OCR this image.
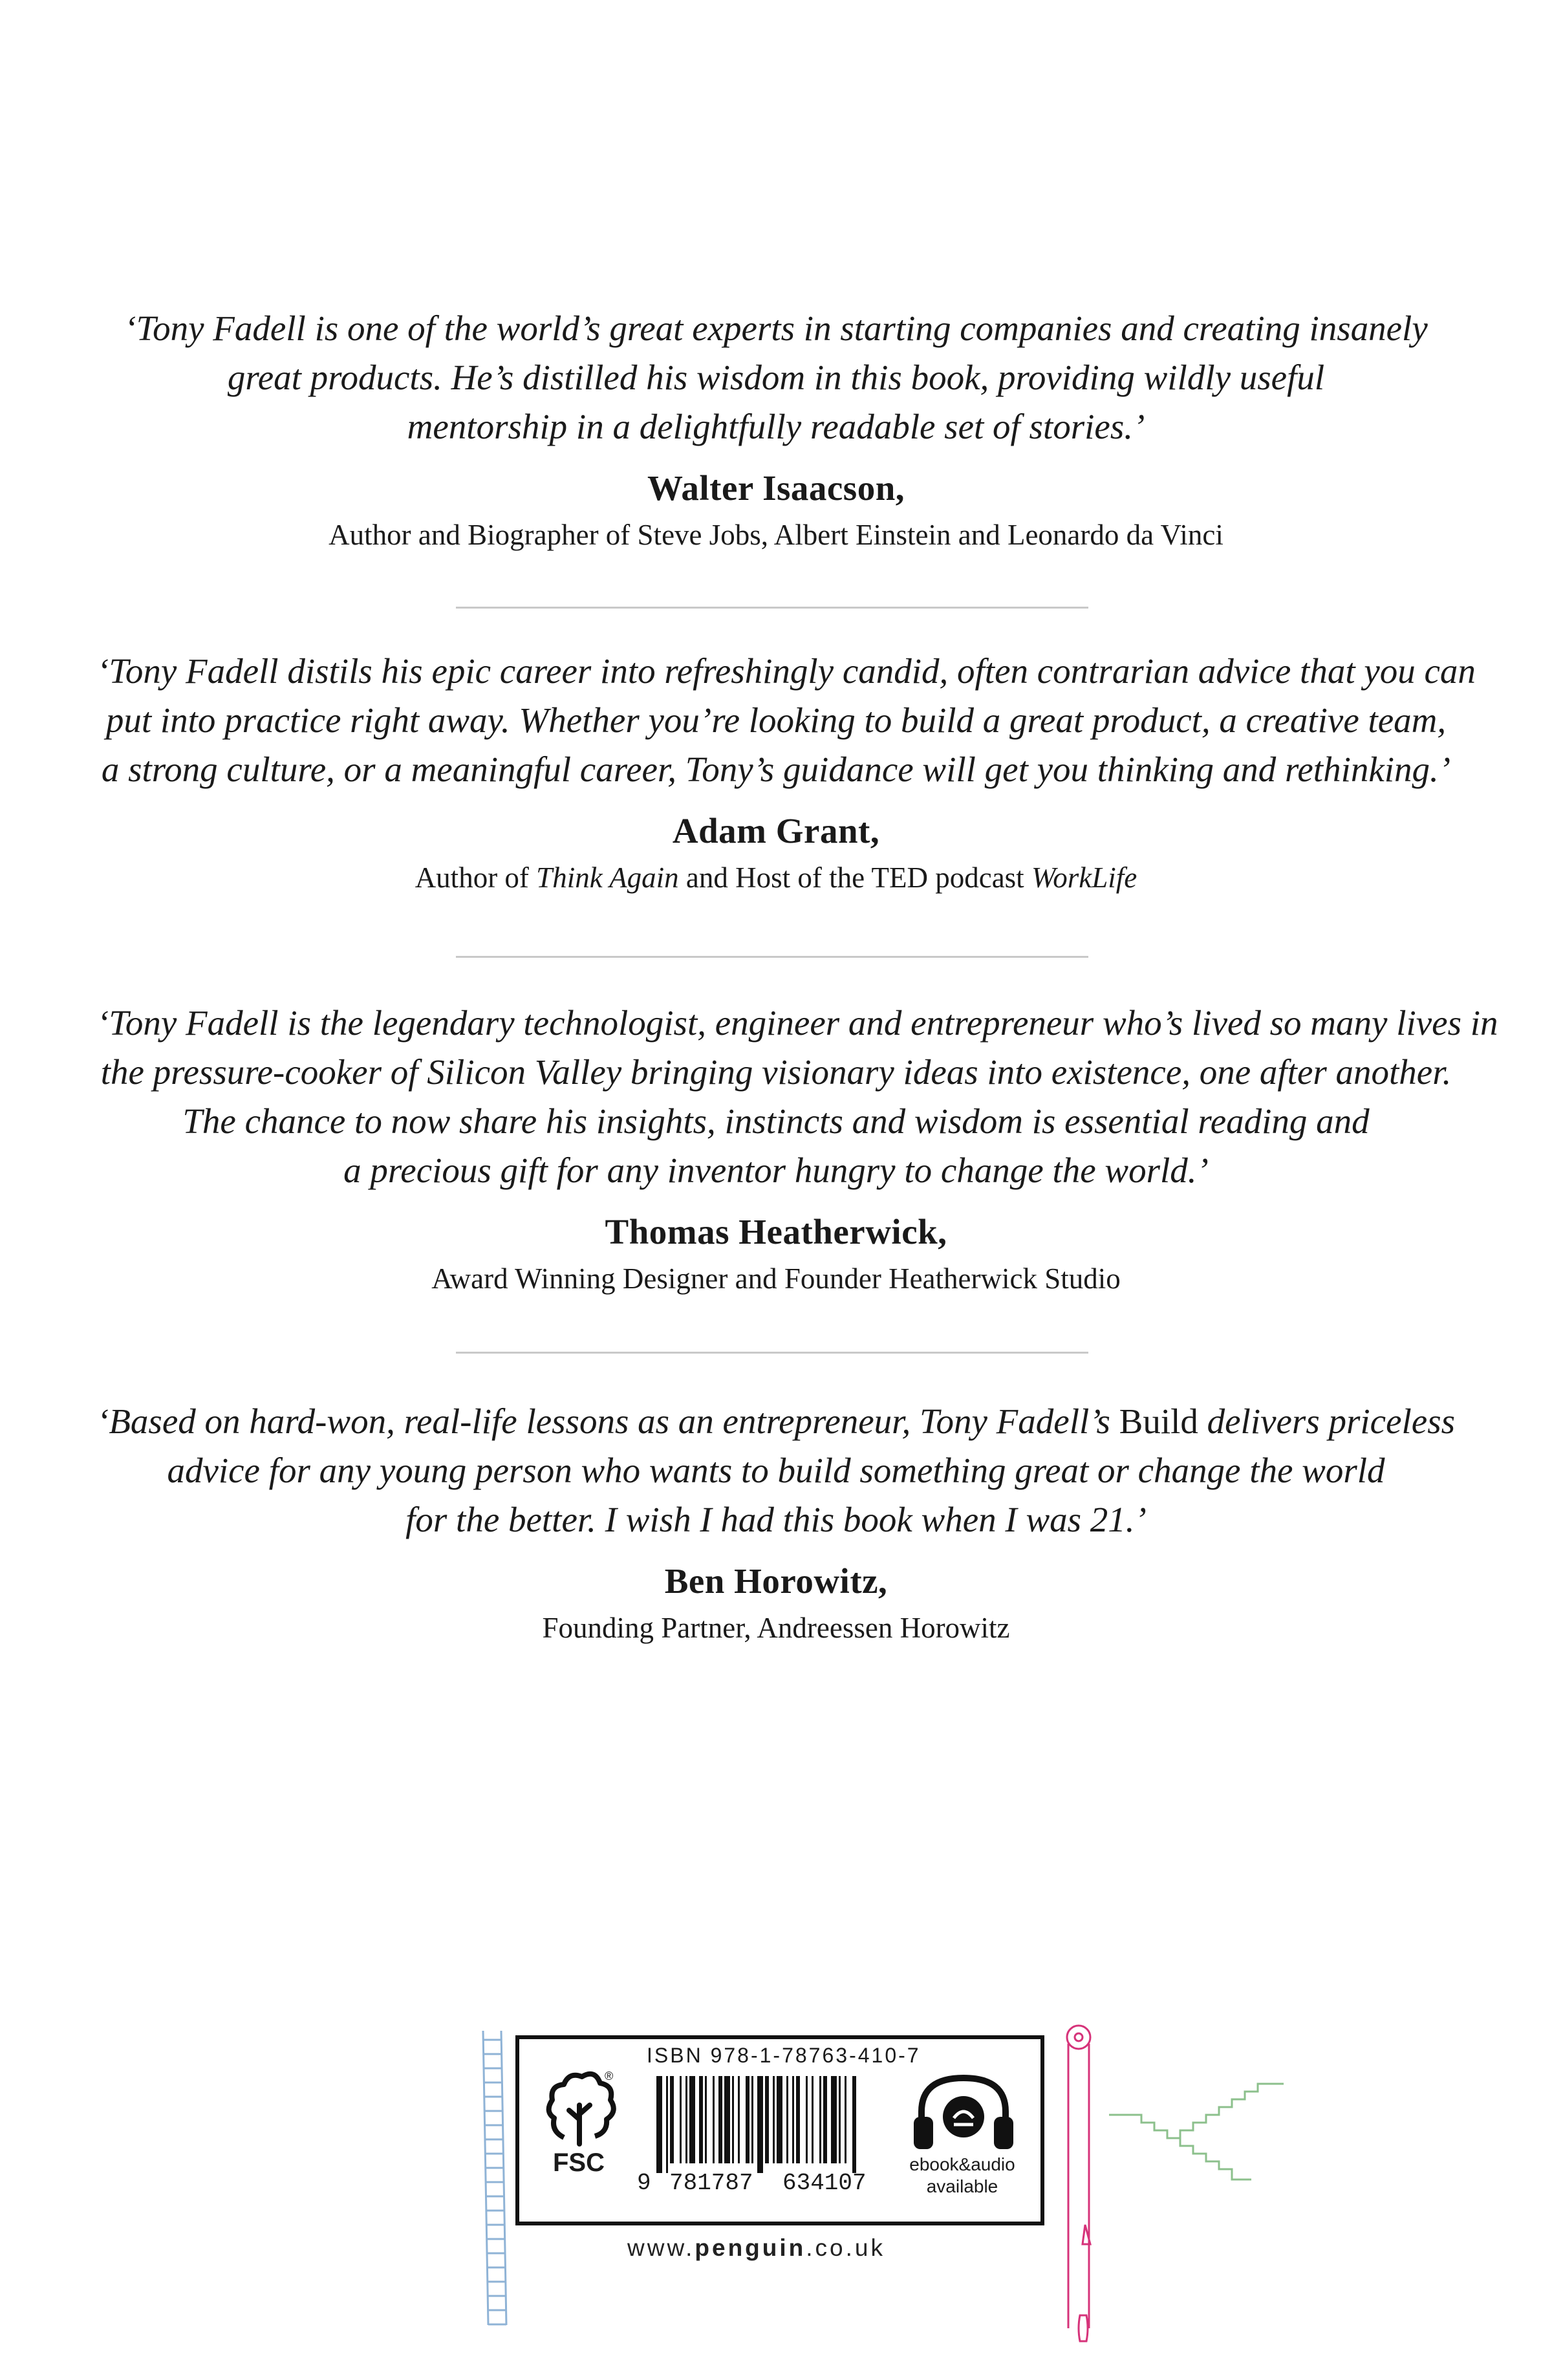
‘Tony Fadell is one of the world’s great experts in starting companies and creating insanely
great products. He’s distilled his wisdom in this book, providing wildly useful
mentorship in a delightfully readable set of stories.’

Walter Isaacson,
Author and Biographer of Steve Jobs, Albert Einstein and Leonardo da Vinci

‘Tony Fadell distils his epic career into refreshingly candid, often contrarian advice that you can
put into practice right away. Whether you’re looking to build a great product, a creative team,
a strong culture, or a meaningful career, Tony’s guidance will get you thinking and rethinking.’

Adam Grant,
Author of Think Again and Host of the TED podcast WorkLife

‘Tony Fadell is the legendary technologist, engineer and entrepreneur who’s lived so many lives in
the pressure-cooker of Silicon Valley bringing visionary ideas into existence, one after another.
The chance to now share his insights, instincts and wisdom is essential reading and
a precious gift for any inventor hungry to change the world.’

Thomas Heatherwick,
Award Winning Designer and Founder Heatherwick Studio

‘Based on hard-won, real-life lessons as an entrepreneur, Tony Fadell’s Build delivers priceless
advice for any young person who wants to build something great or change the world
for the better. I wish I had this book when I was 21.’

Ben Horowitz,
Founding Partner, Andreessen Horowitz
FSC
®
ISBN 978-1-78763-410-7
9 781787 634107
ebook&audio
available
www.penguin.co.uk
